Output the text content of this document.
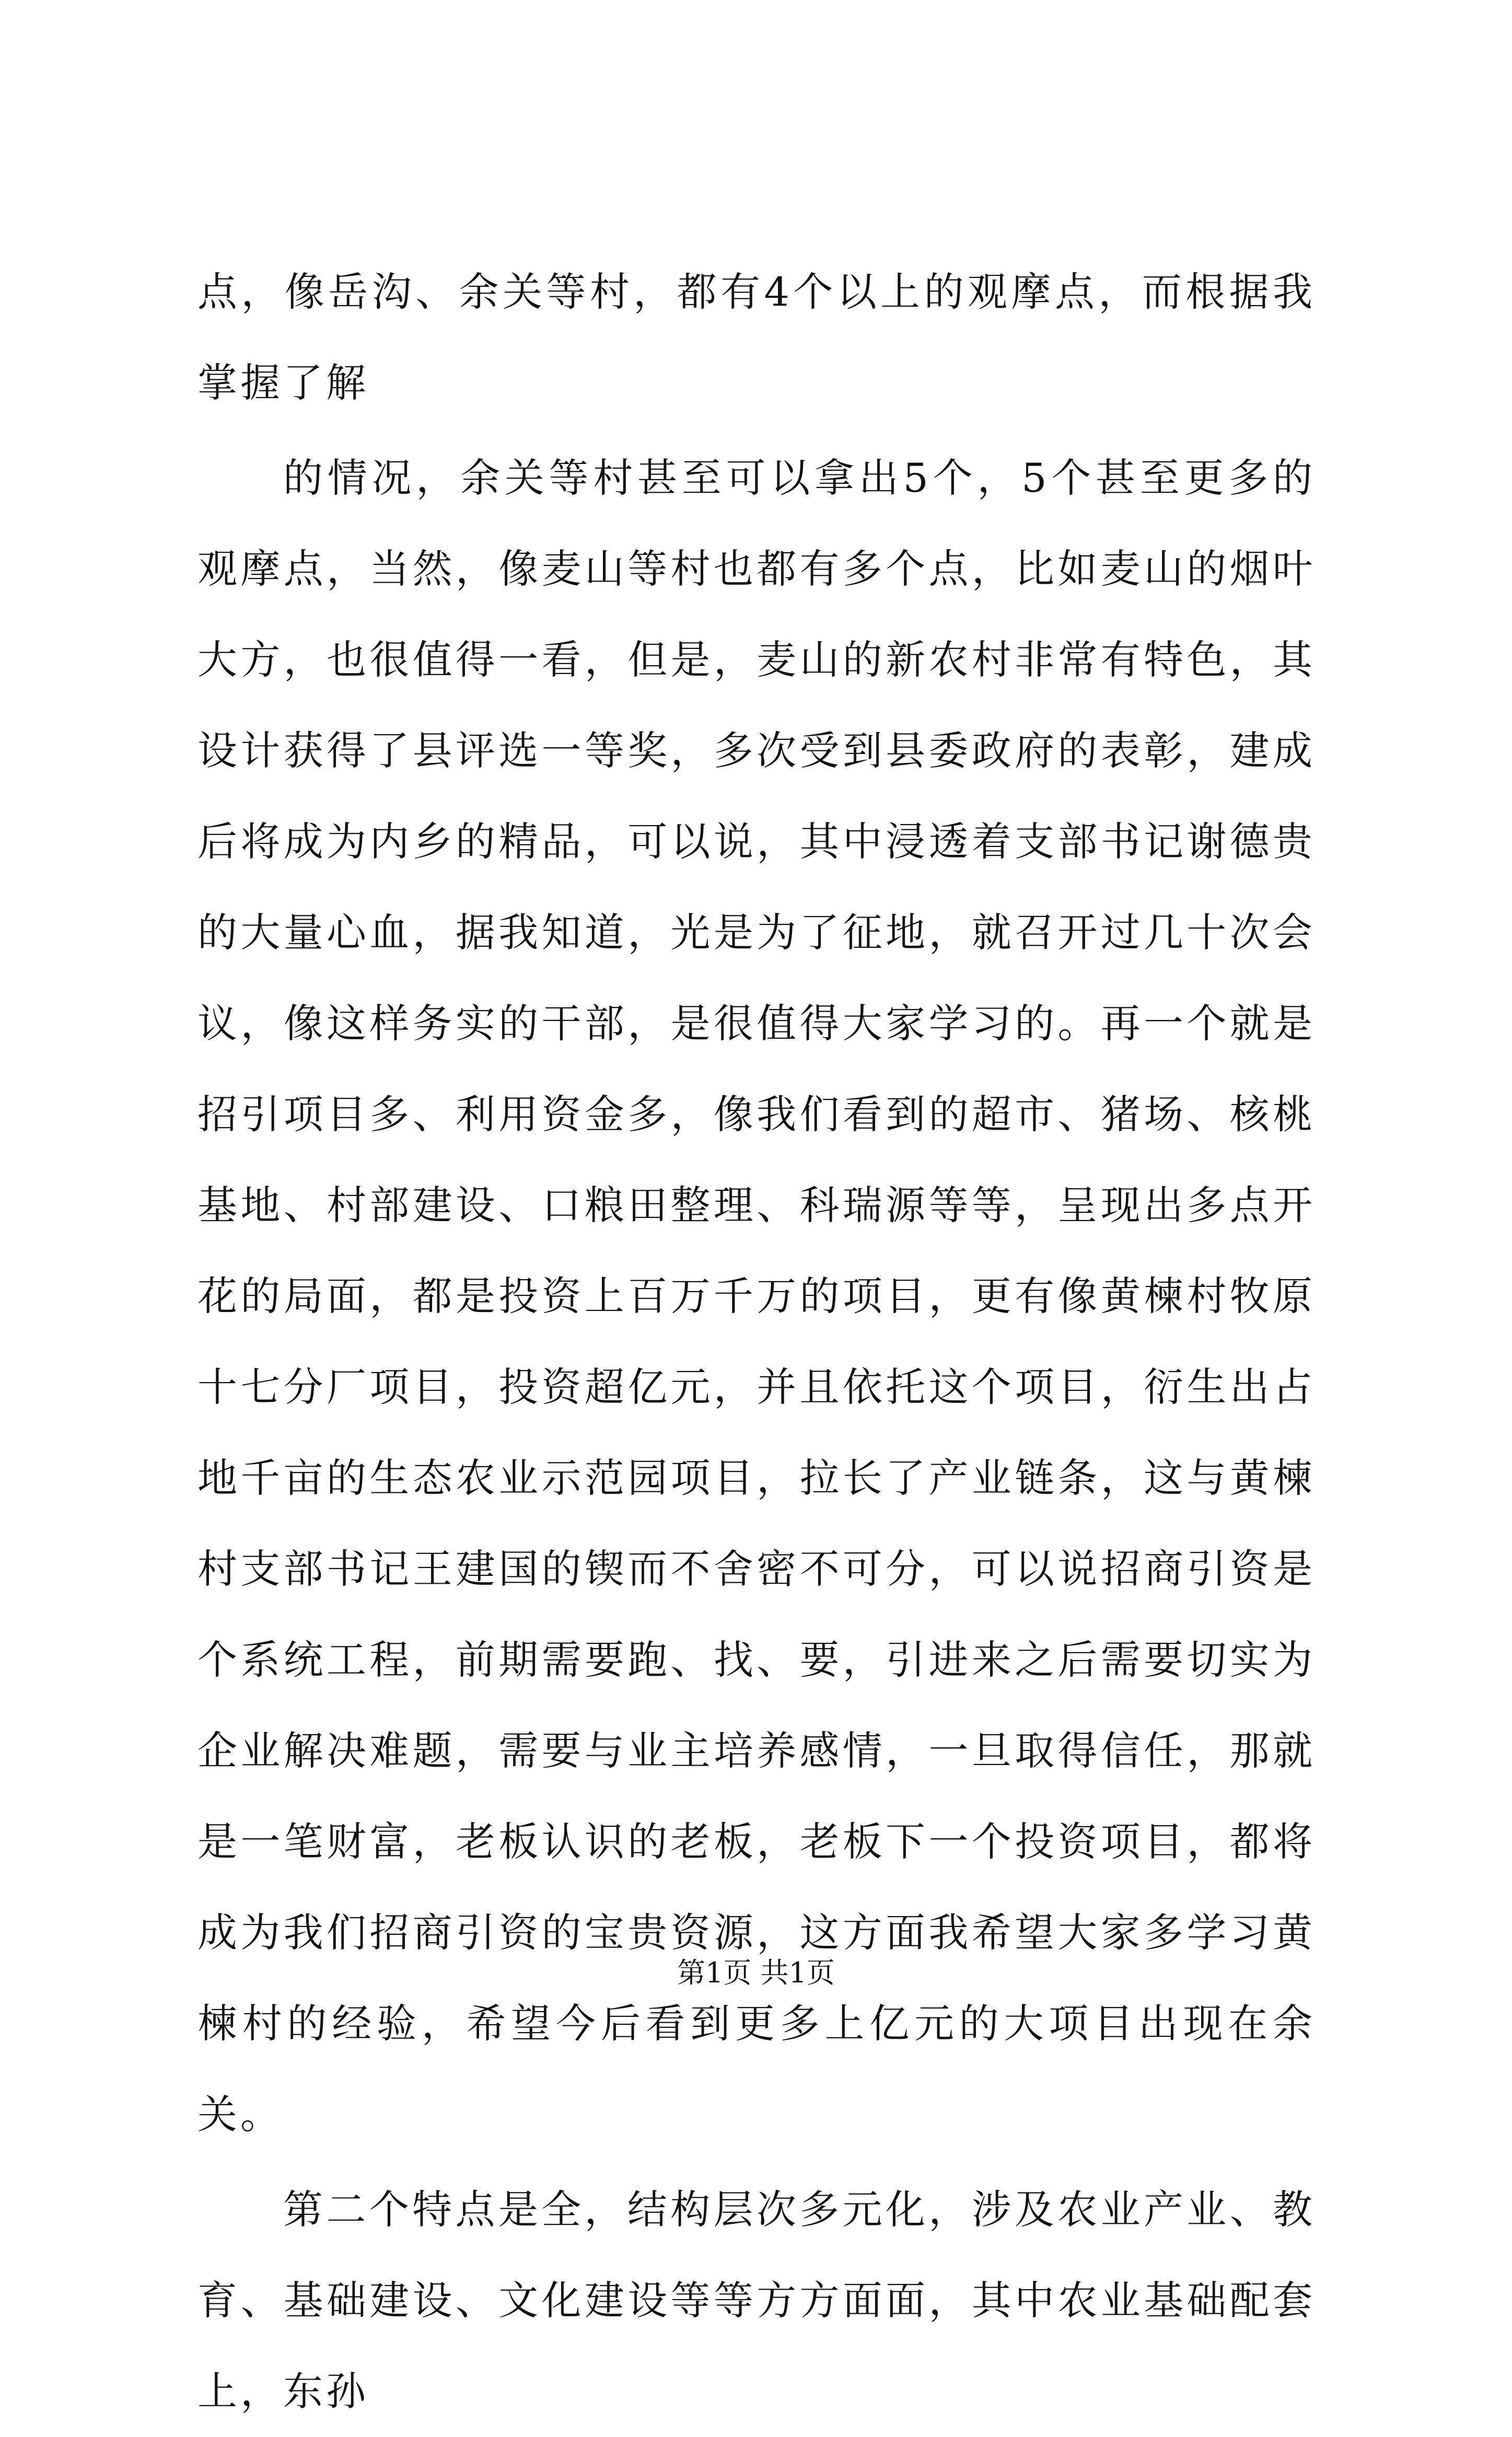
点，像岳沟、余关等村，都有4个以上的观摩点，而根据我掌握了解

的情况，余关等村甚至可以拿出5个，5个甚至更多的观摩点，当然，像麦山等村也都有多个点，比如麦山的烟叶大方，也很值得一看，但是，麦山的新农村非常有特色，其设计获得了县评选一等奖，多次受到县委政府的表彰，建成后将成为内乡的精品，可以说，其中浸透着支部书记谢德贵的大量心血，据我知道，光是为了征地，就召开过几十次会议，像这样务实的干部，是很值得大家学习的。再一个就是招引项目多、利用资金多，像我们看到的超市、猪场、核桃基地、村部建设、口粮田整理、科瑞源等等，呈现出多点开花的局面，都是投资上百万千万的项目，更有像黄楝村牧原十七分厂项目，投资超亿元，并且依托这个项目，衍生出占地千亩的生态农业示范园项目，拉长了产业链条，这与黄楝村支部书记王建国的锲而不舍密不可分，可以说招商引资是个系统工程，前期需要跑、找、要，引进来之后需要切实为企业解决难题，需要与业主培养感情，一旦取得信任，那就是一笔财富，老板认识的老板，老板下一个投资项目，都将成为我们招商引资的宝贵资源，这方面我希望大家多学习黄楝村的经验，希望今后看到更多上亿元的大项目出现在余关。

第二个特点是全，结构层次多元化，涉及农业产业、教育、基础建设、文化建设等等方方面面，其中农业基础配套上，东孙

第1页 共1页
